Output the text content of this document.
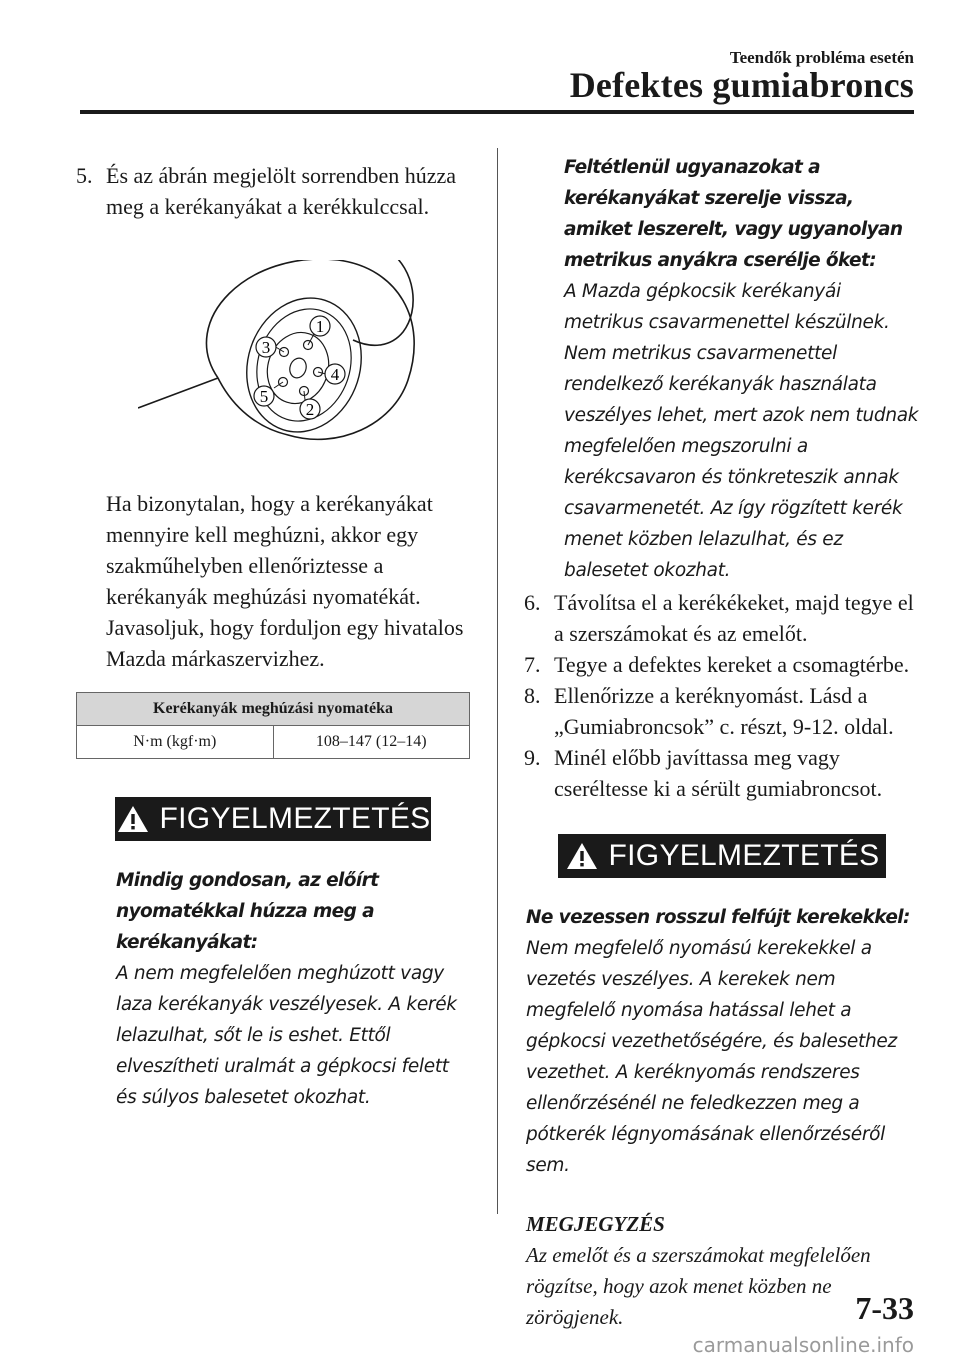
Teendők probléma esetén
Defektes gumiabroncs
5. És az ábrán megjelölt sorrendben húzza meg a kerékanyákat a kerékkulccsal.
1
2
3
4
5
Ha bizonytalan, hogy a kerékanyákat mennyire kell meghúzni, akkor egy szakműhelyben ellenőriztesse a kerékanyák meghúzási nyomatékát. Javasoljuk, hogy forduljon egy hivatalos Mazda márkaszervizhez.
Kerékanyák meghúzási nyomatéka
N·m (kgf·m)	108–147 (12–14)
FIGYELMEZTETÉS
Mindig gondosan, az előírt nyomatékkal húzza meg a kerékanyákat:
A nem megfelelően meghúzott vagy laza kerékanyák veszélyesek. A kerék lelazulhat, sőt le is eshet. Ettől elveszítheti uralmát a gépkocsi felett és súlyos balesetet okozhat.
Feltétlenül ugyanazokat a kerékanyákat szerelje vissza, amiket leszerelt, vagy ugyanolyan metrikus anyákra cserélje őket:
A Mazda gépkocsik kerékanyái metrikus csavarmenettel készülnek. Nem metrikus csavarmenettel rendelkező kerékanyák használata veszélyes lehet, mert azok nem tudnak megfelelően megszorulni a kerékcsavaron és tönkreteszik annak csavarmenetét. Az így rögzített kerék menet közben lelazulhat, és ez balesetet okozhat.
6. Távolítsa el a kerékékeket, majd tegye el a szerszámokat és az emelőt.
7. Tegye a defektes kereket a csomagtérbe.
8. Ellenőrizze a keréknyomást. Lásd a „Gumiabroncsok” c. részt, 9-12. oldal.
9. Minél előbb javíttassa meg vagy cseréltesse ki a sérült gumiabroncsot.
FIGYELMEZTETÉS
Ne vezessen rosszul felfújt kerekekkel:
Nem megfelelő nyomású kerekekkel a vezetés veszélyes. A kerekek nem megfelelő nyomása hatással lehet a gépkocsi vezethetőségére, és balesethez vezethet. A keréknyomás rendszeres ellenőrzésénél ne feledkezzen meg a pótkerék légnyomásának ellenőrzéséről sem.
MEGJEGYZÉS
Az emelőt és a szerszámokat megfelelően rögzítse, hogy azok menet közben ne zörögjenek.	7-33
carmanualsonline.info
